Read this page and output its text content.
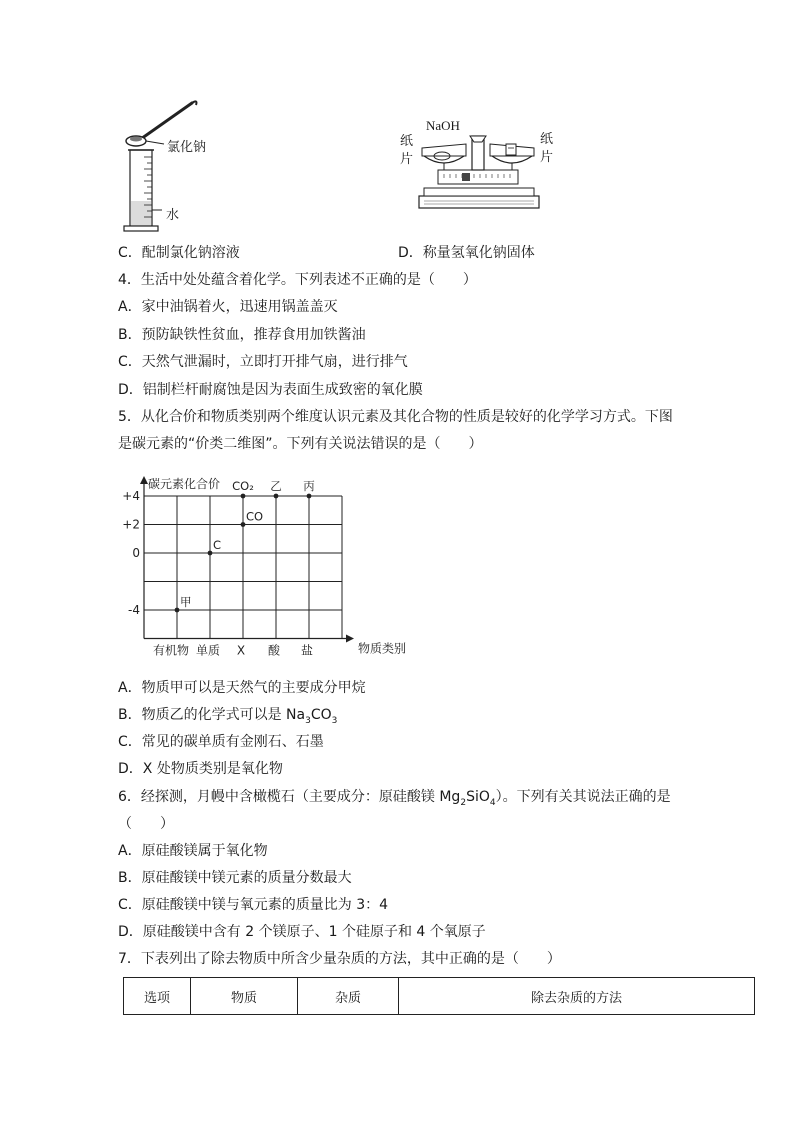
氯化钠
水
NaOH
纸
片
纸
片
C．配制氯化钠溶液	D．称量氢氧化钠固体
4．生活中处处蕴含着化学。下列表述不正确的是（　　）
A．家中油锅着火，迅速用锅盖盖灭
B．预防缺铁性贫血，推荐食用加铁酱油
C．天然气泄漏时，立即打开排气扇，进行排气
D．铝制栏杆耐腐蚀是因为表面生成致密的氧化膜
5．从化合价和物质类别两个维度认识元素及其化合物的性质是较好的化学学习方式。下图
是碳元素的“价类二维图”。下列有关说法错误的是（　　）
碳元素化合价
物质类别
+4
+2
0
-4
有机物 单质 X 酸 盐
甲
C
CO
CO₂ 乙 丙
A．物质甲可以是天然气的主要成分甲烷
B．物质乙的化学式可以是 $Na_3CO_3$
C．常见的碳单质有金刚石、石墨
D．X 处物质类别是氧化物
6．经探测，月幔中含橄榄石（主要成分：原硅酸镁 $Mg_2SiO_4$）。下列有关其说法正确的是
（　　）
A．原硅酸镁属于氧化物
B．原硅酸镁中镁元素的质量分数最大
C．原硅酸镁中镁与氧元素的质量比为 3：4
D．原硅酸镁中含有 2 个镁原子、1 个硅原子和 4 个氧原子
7．下表列出了除去物质中所含少量杂质的方法，其中正确的是（　　）
选项	物质	杂质	除去杂质的方法
